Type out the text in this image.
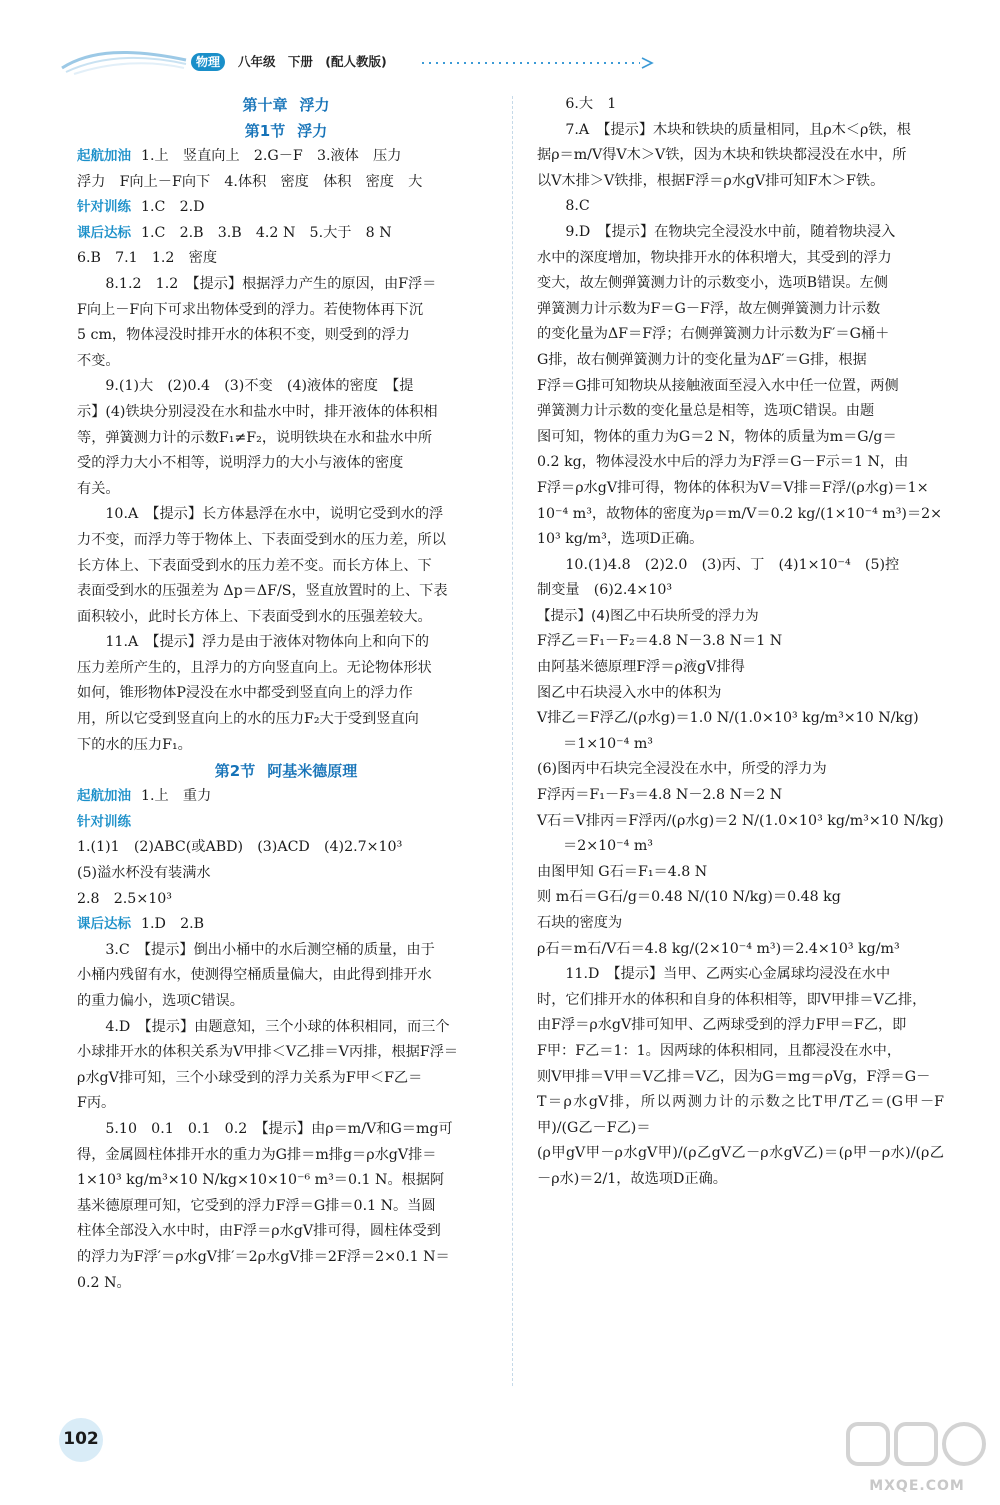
物理	八年级 下册 (配人教版)
第十章 浮力
第1节 浮力

起航加油 1.上　竖直向上　2.G－F　3.液体　压力

浮力　F向上－F向下　4.体积　密度　体积　密度　大

针对训练 1.C　2.D

课后达标 1.C　2.B　3.B　4.2 N　5.大于　8 N

6.B　7.1　1.2　密度

8.1.2　1.2　【提示】根据浮力产生的原因，由F浮＝

F向上－F向下可求出物体受到的浮力。若使物体再下沉

5 cm，物体浸没时排开水的体积不变，则受到的浮力

不变。

9.(1)大　(2)0.4　(3)不变　(4)液体的密度　【提

示】(4)铁块分别浸没在水和盐水中时，排开液体的体积相

等，弹簧测力计的示数F₁≠F₂，说明铁块在水和盐水中所

受的浮力大小不相等，说明浮力的大小与液体的密度

有关。

10.A　【提示】长方体悬浮在水中，说明它受到水的浮

力不变，而浮力等于物体上、下表面受到水的压力差，所以

长方体上、下表面受到水的压力差不变。而长方体上、下

表面受到水的压强差为 Δp＝ΔF/S，竖直放置时的上、下表

面积较小，此时长方体上、下表面受到水的压强差较大。

11.A　【提示】浮力是由于液体对物体向上和向下的

压力差所产生的，且浮力的方向竖直向上。无论物体形状

如何，锥形物体P浸没在水中都受到竖直向上的浮力作

用，所以它受到竖直向上的水的压力F₂大于受到竖直向

下的水的压力F₁。

第2节 阿基米德原理

起航加油 1.上　重力

针对训练

1.(1)1　(2)ABC(或ABD)　(3)ACD　(4)2.7×10³

(5)溢水杯没有装满水

2.8　2.5×10³

课后达标 1.D　2.B

3.C　【提示】倒出小桶中的水后测空桶的质量，由于

小桶内残留有水，使测得空桶质量偏大，由此得到排开水

的重力偏小，选项C错误。

4.D　【提示】由题意知，三个小球的体积相同，而三个

小球排开水的体积关系为V甲排＜V乙排＝V丙排，根据F浮＝

ρ水gV排可知，三个小球受到的浮力关系为F甲＜F乙＝

F丙。

5.10　0.1　0.1　0.2　【提示】由ρ＝m/V和G＝mg可

得，金属圆柱体排开水的重力为G排＝m排g＝ρ水gV排＝

1×10³ kg/m³×10 N/kg×10×10⁻⁶ m³＝0.1 N。根据阿

基米德原理可知，它受到的浮力F浮＝G排＝0.1 N。当圆

柱体全部没入水中时，由F浮＝ρ水gV排可得，圆柱体受到

的浮力为F浮′＝ρ水gV排′＝2ρ水gV排＝2F浮＝2×0.1 N＝

0.2 N。

6.大　1

7.A　【提示】木块和铁块的质量相同，且ρ木＜ρ铁，根

据ρ＝m/V得V木＞V铁，因为木块和铁块都浸没在水中，所

以V木排＞V铁排，根据F浮＝ρ水gV排可知F木＞F铁。

8.C

9.D　【提示】在物块完全浸没水中前，随着物块浸入

水中的深度增加，物块排开水的体积增大，其受到的浮力

变大，故左侧弹簧测力计的示数变小，选项B错误。左侧

弹簧测力计示数为F＝G－F浮，故左侧弹簧测力计示数

的变化量为ΔF＝F浮；右侧弹簧测力计示数为F′＝G桶＋

G排，故右侧弹簧测力计的变化量为ΔF′＝G排，根据

F浮＝G排可知物块从接触液面至浸入水中任一位置，两侧

弹簧测力计示数的变化量总是相等，选项C错误。由题

图可知，物体的重力为G＝2 N，物体的质量为m＝G/g＝

0.2 kg，物体浸没水中后的浮力为F浮＝G－F示＝1 N，由

F浮＝ρ水gV排可得，物体的体积为V＝V排＝F浮/(ρ水g)＝1×

10⁻⁴ m³，故物体的密度为ρ＝m/V＝0.2 kg/(1×10⁻⁴ m³)＝2×

10³ kg/m³，选项D正确。

10.(1)4.8　(2)2.0　(3)丙、丁　(4)1×10⁻⁴　(5)控

制变量　(6)2.4×10³

【提示】(4)图乙中石块所受的浮力为

F浮乙＝F₁－F₂＝4.8 N－3.8 N＝1 N

由阿基米德原理F浮＝ρ液gV排得

图乙中石块浸入水中的体积为

V排乙＝F浮乙/(ρ水g)＝1.0 N/(1.0×10³ kg/m³×10 N/kg)

＝1×10⁻⁴ m³

(6)图丙中石块完全浸没在水中，所受的浮力为

F浮丙＝F₁－F₃＝4.8 N－2.8 N＝2 N

V石＝V排丙＝F浮丙/(ρ水g)＝2 N/(1.0×10³ kg/m³×10 N/kg)

＝2×10⁻⁴ m³

由图甲知 G石＝F₁＝4.8 N

则 m石＝G石/g＝0.48 N/(10 N/kg)＝0.48 kg

石块的密度为

ρ石＝m石/V石＝4.8 kg/(2×10⁻⁴ m³)＝2.4×10³ kg/m³

11.D　【提示】当甲、乙两实心金属球均浸没在水中

时，它们排开水的体积和自身的体积相等，即V甲排＝V乙排，

由F浮＝ρ水gV排可知甲、乙两球受到的浮力F甲＝F乙，即

F甲：F乙＝1：1。因两球的体积相同，且都浸没在水中，

则V甲排＝V甲＝V乙排＝V乙，因为G＝mg＝ρVg，F浮＝G－

T＝ρ水gV排，所以两测力计的示数之比T甲/T乙＝(G甲－F甲)/(G乙－F乙)＝

(ρ甲gV甲－ρ水gV甲)/(ρ乙gV乙－ρ水gV乙)＝(ρ甲－ρ水)/(ρ乙－ρ水)＝2/1，故选项D正确。

102
MXQE.COM
